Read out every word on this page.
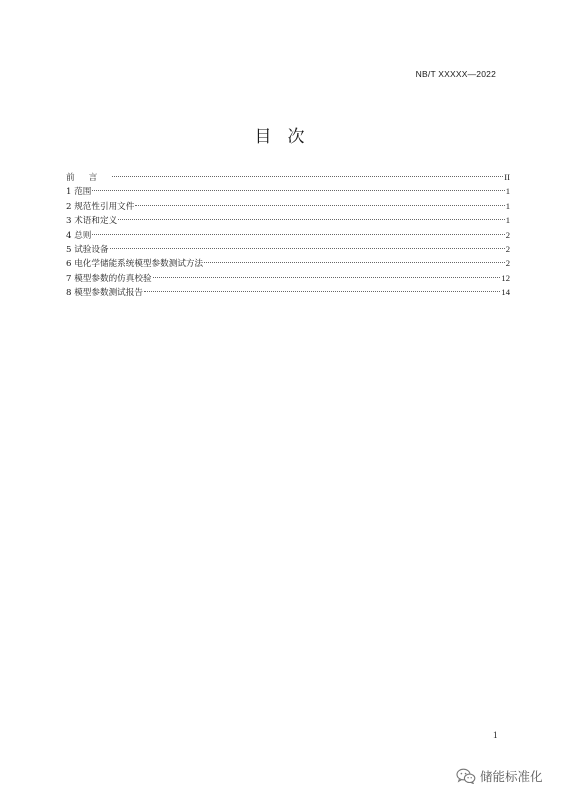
NB/T XXXXX—2022
目次
前言	II
1 范围	1
2 规范性引用文件	1
3 术语和定义	1
4 总则	2
5 试验设备	2
6 电化学储能系统模型参数测试方法	2
7 模型参数的仿真校验	12
8 模型参数测试报告	14
1
储能标准化
